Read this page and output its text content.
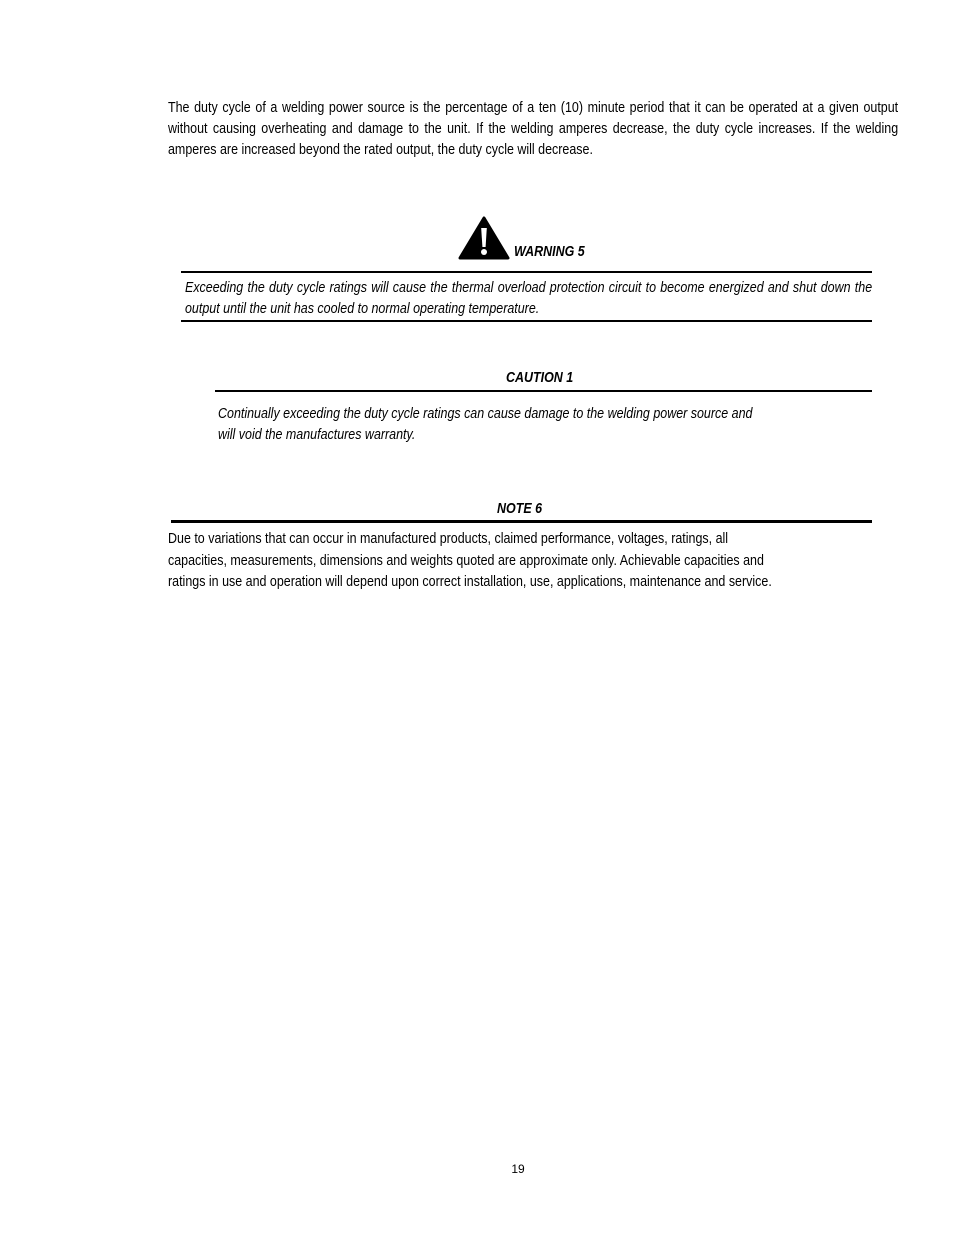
The duty cycle of a welding power source is the percentage of a ten (10) minute period that it can be operated at a given output without causing overheating and damage to the unit. If the welding amperes decrease, the duty cycle increases. If the welding amperes are increased beyond the rated output, the duty cycle will decrease.

WARNING 5

Exceeding the duty cycle ratings will cause the thermal overload protection circuit to become energized and shut down the output until the unit has cooled to normal operating temperature.

CAUTION 1

Continually exceeding the duty cycle ratings can cause damage to the welding power source and
will void the manufactures warranty.

NOTE 6

Due to variations that can occur in manufactured products, claimed performance, voltages, ratings, all
capacities, measurements, dimensions and weights quoted are approximate only. Achievable capacities and
ratings in use and operation will depend upon correct installation, use, applications, maintenance and service.

19
